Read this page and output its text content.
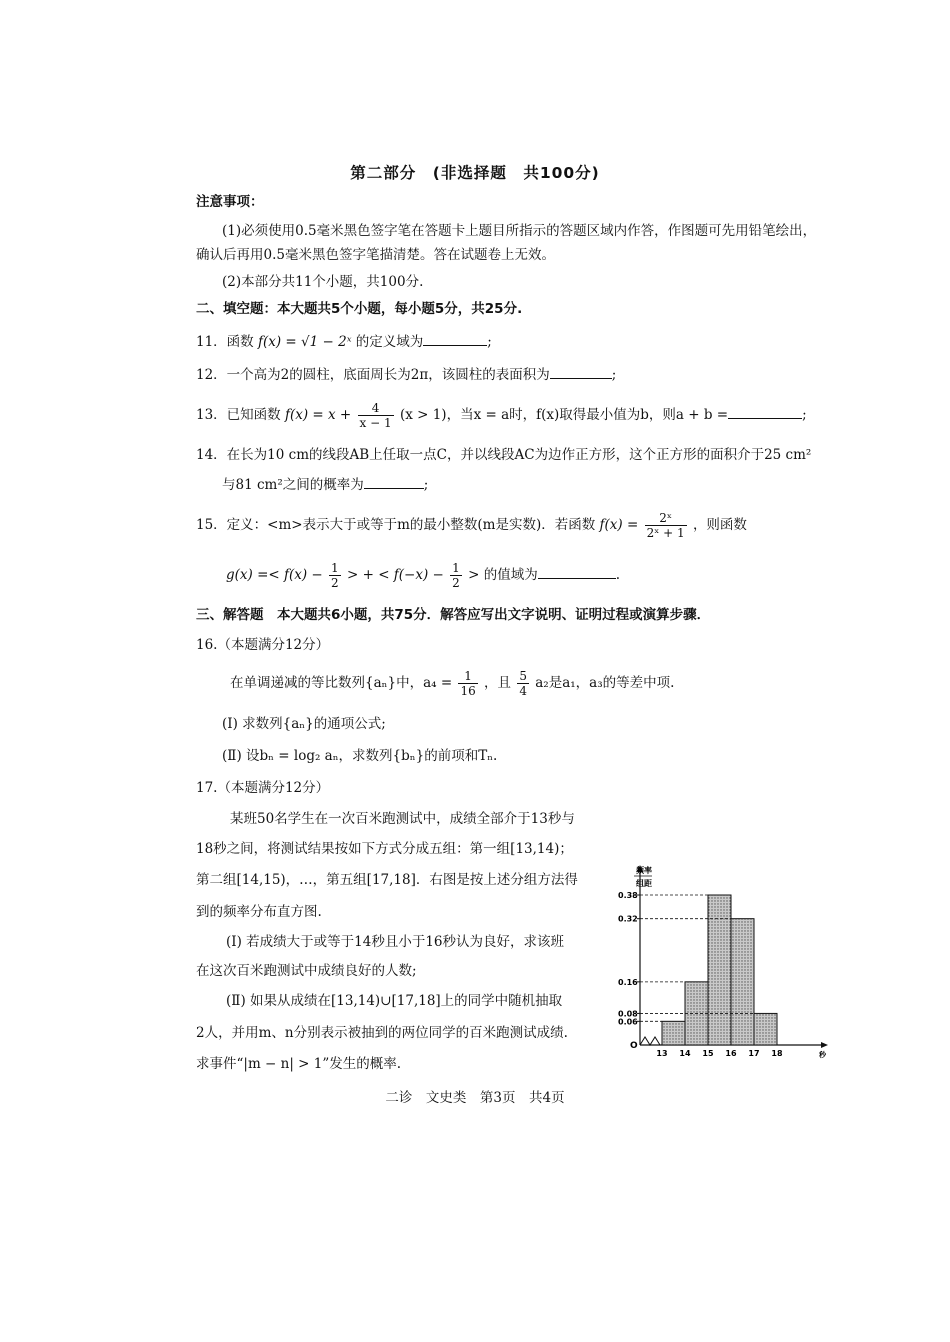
第二部分　(非选择题　共100分)
注意事项：
(1)必须使用0.5毫米黑色签字笔在答题卡上题目所指示的答题区域内作答，作图题可先用铅笔绘出，
确认后再用0.5毫米黑色签字笔描清楚。答在试题卷上无效。
(2)本部分共11个小题，共100分.
二、填空题：本大题共5个小题，每小题5分，共25分.
11．函数 f(x) = √1 − 2ˣ 的定义域为	;
12．一个高为2的圆柱，底面周长为2π，该圆柱的表面积为	;
13．已知函数 $f(x) = x + \frac{4}{x - 1} (x > 1)$，当x = a时，f(x)取得最小值为b，则a + b =	;
14．在长为10 cm的线段AB上任取一点C，并以线段AC为边作正方形，这个正方形的面积介于25 cm²
与81 cm²之间的概率为	;
15．定义：<m>表示大于或等于m的最小整数(m是实数)．若函数 $f(x) = \frac{\text{2ˣ}}{\text{2ˣ + 1}}$ ，则函数
$g(x) =< f(x) - \frac{1}{2}$ > + < $f(-x) - \frac{1}{2}$ > 的值域为	.
三、解答题　本大题共6小题，共75分．解答应写出文字说明、证明过程或演算步骤．
16.（本题满分12分）
在单调递减的等比数列{aₙ}中，$a_4 = \frac{1}{16}$ ，且 $\frac{5}{4} a_2$是a₁，a₃的等差中项.
(Ⅰ) 求数列{aₙ}的通项公式;
(Ⅱ) 设bₙ = log₂ aₙ，求数列{bₙ}的前项和Tₙ.
17.（本题满分12分）
某班50名学生在一次百米跑测试中，成绩全部介于13秒与
18秒之间，将测试结果按如下方式分成五组：第一组[13,14)；
第二组[14,15)，…，第五组[17,18]．右图是按上述分组方法得
到的频率分布直方图.
(Ⅰ) 若成绩大于或等于14秒且小于16秒认为良好，求该班
在这次百米跑测试中成绩良好的人数;
(Ⅱ) 如果从成绩在[13,14)∪[17,18]上的同学中随机抽取
2人，并用m、n分别表示被抽到的两位同学的百米跑测试成绩.
求事件“|m − n| > 1”发生的概率.
频率
组距
O
0.38
0.32
0.16
0.08
0.06
13 14 15 16 17 18	秒
二诊　文史类　第3页　共4页
